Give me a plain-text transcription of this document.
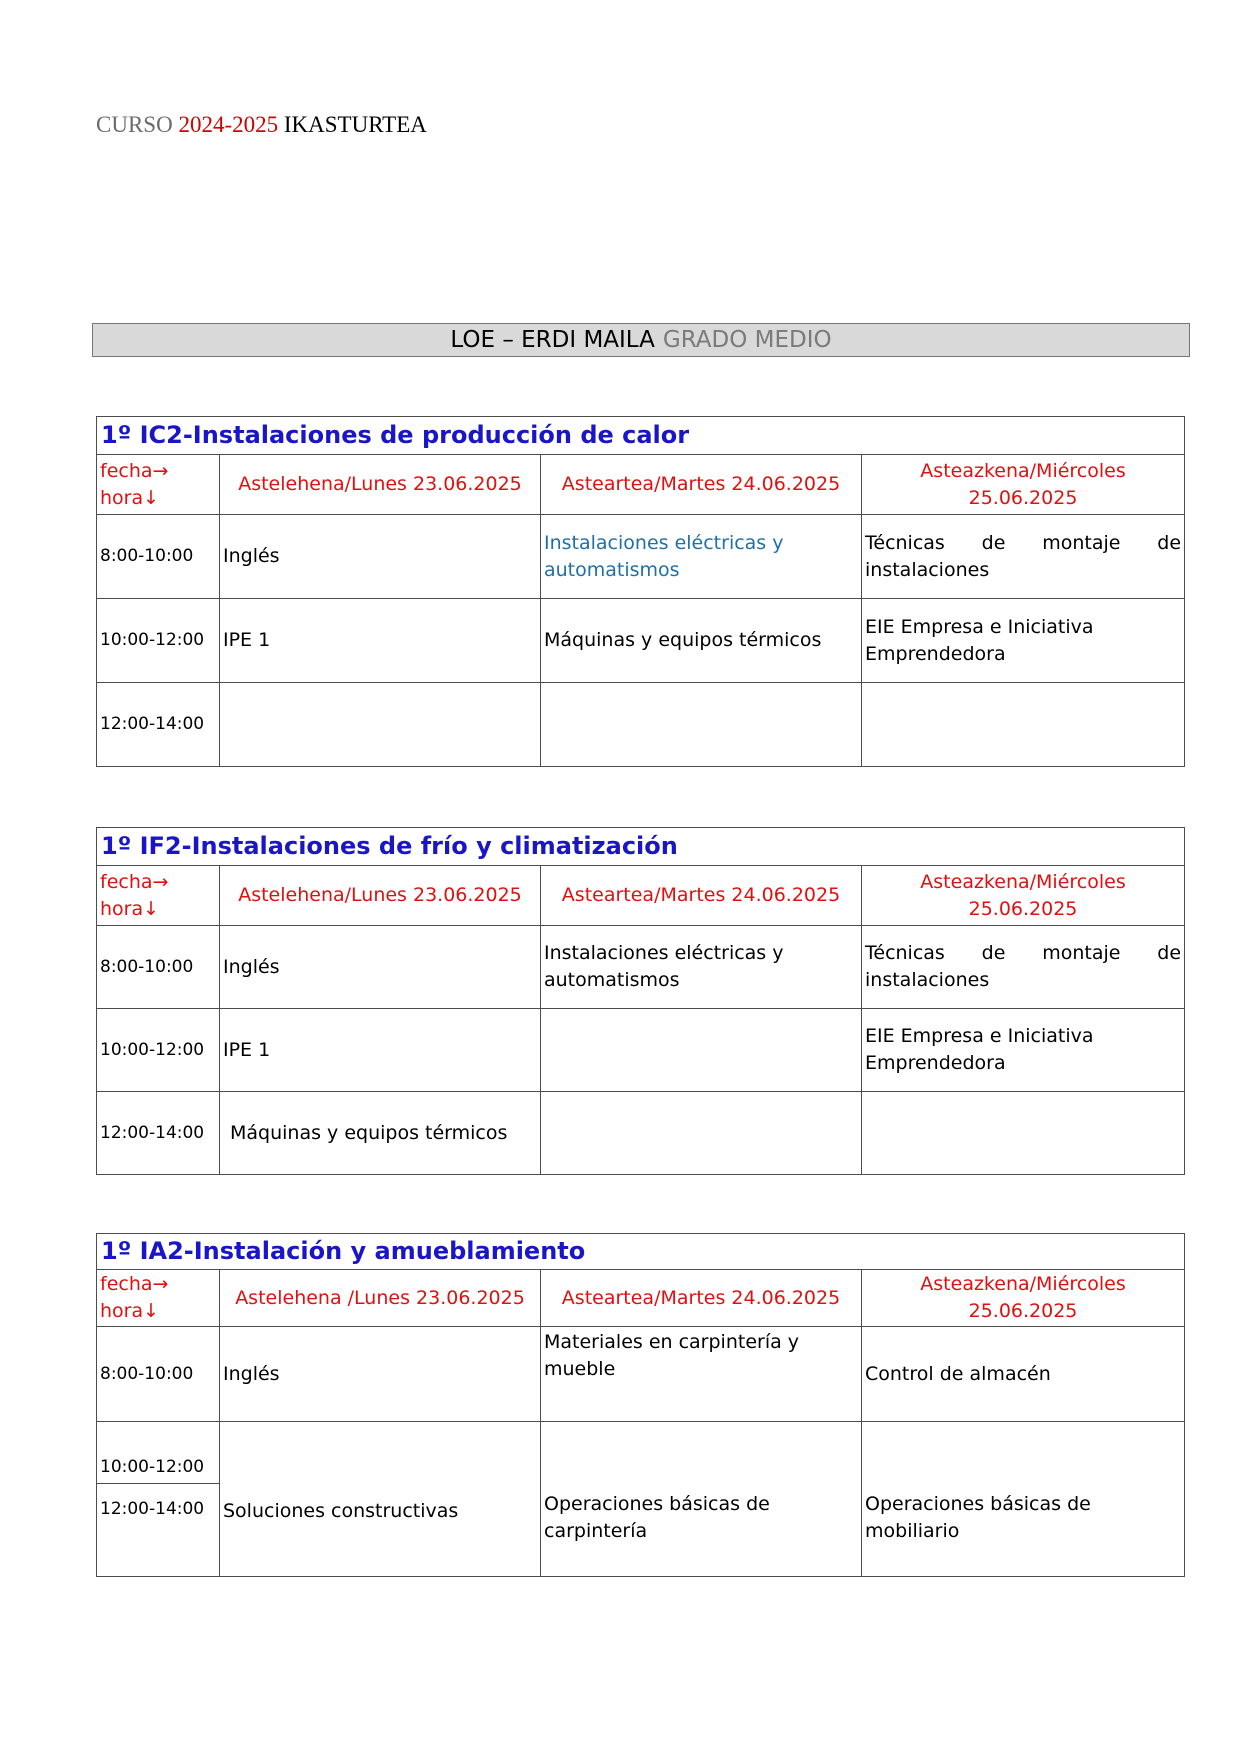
CURSO 2024-2025 IKASTURTEA
LOE – ERDI MAILA GRADO MEDIO
1º IC2-Instalaciones de producción de calor			

fecha→
hora↓	Astelehena/Lunes 23.06.2025	Asteartea/Martes 24.06.2025	Asteazkena/Miércoles 25.06.2025
8:00-10:00	Inglés	Instalaciones eléctricas y automatismos	Técnicas de montaje de
instalaciones

10:00-12:00	IPE 1	Máquinas y equipos térmicos	EIE Empresa e Iniciativa Emprendedora
12:00-14:00			
1º IF2-Instalaciones de frío y climatización			

fecha→
hora↓	Astelehena/Lunes 23.06.2025	Asteartea/Martes 24.06.2025	Asteazkena/Miércoles 25.06.2025
8:00-10:00	Inglés	Instalaciones eléctricas y automatismos	Técnicas de montaje de
instalaciones

10:00-12:00	IPE 1		EIE Empresa e Iniciativa Emprendedora
12:00-14:00	Máquinas y equipos térmicos		
1º IA2-Instalación y amueblamiento			

fecha→
hora↓	Astelehena /Lunes 23.06.2025	Asteartea/Martes 24.06.2025	Asteazkena/Miércoles 25.06.2025
8:00-10:00	Inglés	Materiales en carpintería y mueble	Control de almacén
10:00-12:00	Soluciones constructivas	Operaciones básicas de carpintería	Operaciones básicas de mobiliario
12:00-14:00			
